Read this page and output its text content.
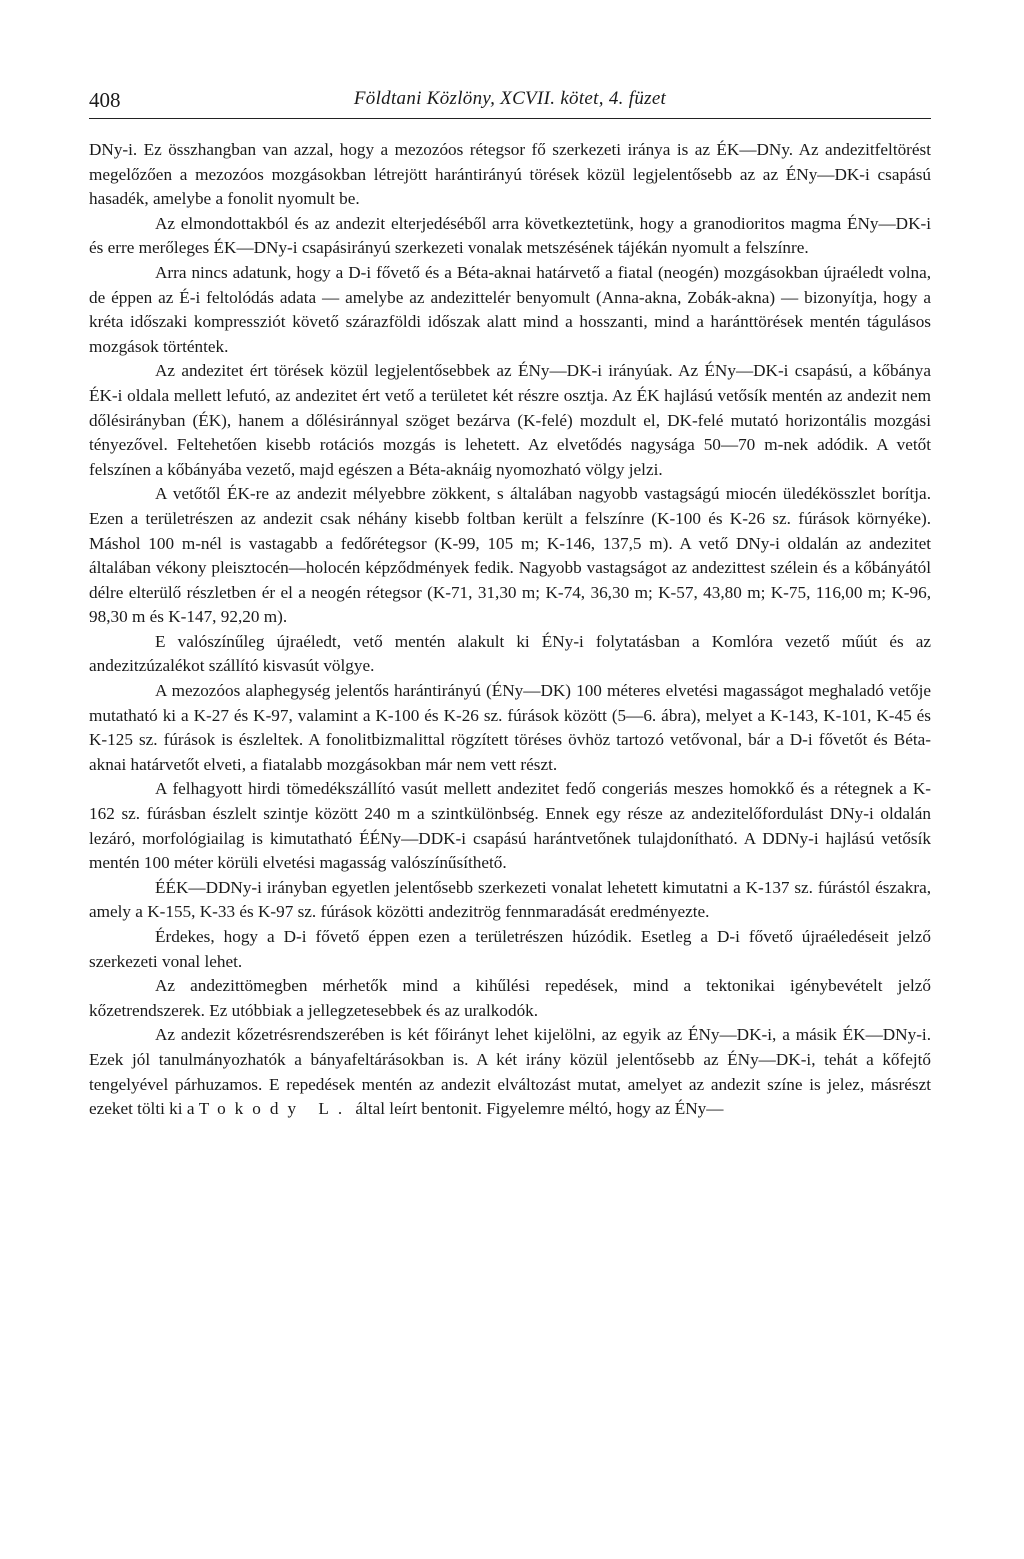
408	Földtani Közlöny, XCVII. kötet, 4. füzet

DNy-i. Ez összhangban van azzal, hogy a mezozóos rétegsor fő szerkezeti iránya is az ÉK—DNy. Az andezitfeltörést megelőzően a mezozóos mozgásokban létrejött harántirányú törések közül legjelentősebb az az ÉNy—DK-i csapású hasadék, amelybe a fonolit nyomult be.

Az elmondottakból és az andezit elterjedéséből arra következtetünk, hogy a granodioritos magma ÉNy—DK-i és erre merőleges ÉK—DNy-i csapásirányú szerkezeti vonalak metszésének tájékán nyomult a felszínre.

Arra nincs adatunk, hogy a D-i fővető és a Béta-aknai határvető a fiatal (neogén) mozgásokban újraéledt volna, de éppen az É-i feltolódás adata — amelybe az andezittelér benyomult (Anna-akna, Zobák-akna) — bizonyítja, hogy a kréta időszaki kompressziót követő szárazföldi időszak alatt mind a hosszanti, mind a haránttörések mentén tágulásos mozgások történtek.

Az andezitet ért törések közül legjelentősebbek az ÉNy—DK-i irányúak. Az ÉNy—DK-i csapású, a kőbánya ÉK-i oldala mellett lefutó, az andezitet ért vető a területet két részre osztja. Az ÉK hajlású vetősík mentén az andezit nem dőlésirányban (ÉK), hanem a dőlésiránnyal szöget bezárva (K-felé) mozdult el, DK-felé mutató horizontális mozgási tényezővel. Feltehetően kisebb rotációs mozgás is lehetett. Az elvetődés nagysága 50—70 m-nek adódik. A vetőt felszínen a kőbányába vezető, majd egészen a Béta-aknáig nyomozható völgy jelzi.

A vetőtől ÉK-re az andezit mélyebbre zökkent, s általában nagyobb vastagságú miocén üledékösszlet borítja. Ezen a területrészen az andezit csak néhány kisebb foltban került a felszínre (K-100 és K-26 sz. fúrások környéke). Máshol 100 m-nél is vastagabb a fedőrétegsor (K-99, 105 m; K-146, 137,5 m). A vető DNy-i oldalán az andezitet általában vékony pleisztocén—holocén képződmények fedik. Nagyobb vastagságot az andezittest szélein és a kőbányától délre elterülő részletben ér el a neogén rétegsor (K-71, 31,30 m; K-74, 36,30 m; K-57, 43,80 m; K-75, 116,00 m; K-96, 98,30 m és K-147, 92,20 m).

E valószínűleg újraéledt, vető mentén alakult ki ÉNy-i folytatásban a Komlóra vezető műút és az andezitzúzalékot szállító kisvasút völgye.

A mezozóos alaphegység jelentős harántirányú (ÉNy—DK) 100 méteres elvetési magasságot meghaladó vetője mutatható ki a K-27 és K-97, valamint a K-100 és K-26 sz. fúrások között (5—6. ábra), melyet a K-143, K-101, K-45 és K-125 sz. fúrások is észleltek. A fonolitbizmalittal rögzített töréses övhöz tartozó vetővonal, bár a D-i fővetőt és Béta-aknai határvetőt elveti, a fiatalabb mozgásokban már nem vett részt.

A felhagyott hirdi tömedékszállító vasút mellett andezitet fedő congeriás meszes homokkő és a rétegnek a K-162 sz. fúrásban észlelt szintje között 240 m a szintkülönbség. Ennek egy része az andezitelőfordulást DNy-i oldalán lezáró, morfológiailag is kimutatható ÉÉNy—DDK-i csapású harántvetőnek tulajdonítható. A DDNy-i hajlású vetősík mentén 100 méter körüli elvetési magasság valószínűsíthető.

ÉÉK—DDNy-i irányban egyetlen jelentősebb szerkezeti vonalat lehetett kimutatni a K-137 sz. fúrástól északra, amely a K-155, K-33 és K-97 sz. fúrások közötti andezitrög fennmaradását eredményezte.

Érdekes, hogy a D-i fővető éppen ezen a területrészen húzódik. Esetleg a D-i fővető újraéledéseit jelző szerkezeti vonal lehet.

Az andezittömegben mérhetők mind a kihűlési repedések, mind a tektonikai igénybevételt jelző kőzetrendszerek. Ez utóbbiak a jellegzetesebbek és az uralkodók.

Az andezit kőzetrésrendszerében is két főirányt lehet kijelölni, az egyik az ÉNy—DK-i, a másik ÉK—DNy-i. Ezek jól tanulmányozhatók a bányafeltárásokban is. A két irány közül jelentősebb az ÉNy—DK-i, tehát a kőfejtő tengelyével párhuzamos. E repedések mentén az andezit elváltozást mutat, amelyet az andezit színe is jelez, másrészt ezeket tölti ki a Tokody L. által leírt bentonit. Figyelemre méltó, hogy az ÉNy—
